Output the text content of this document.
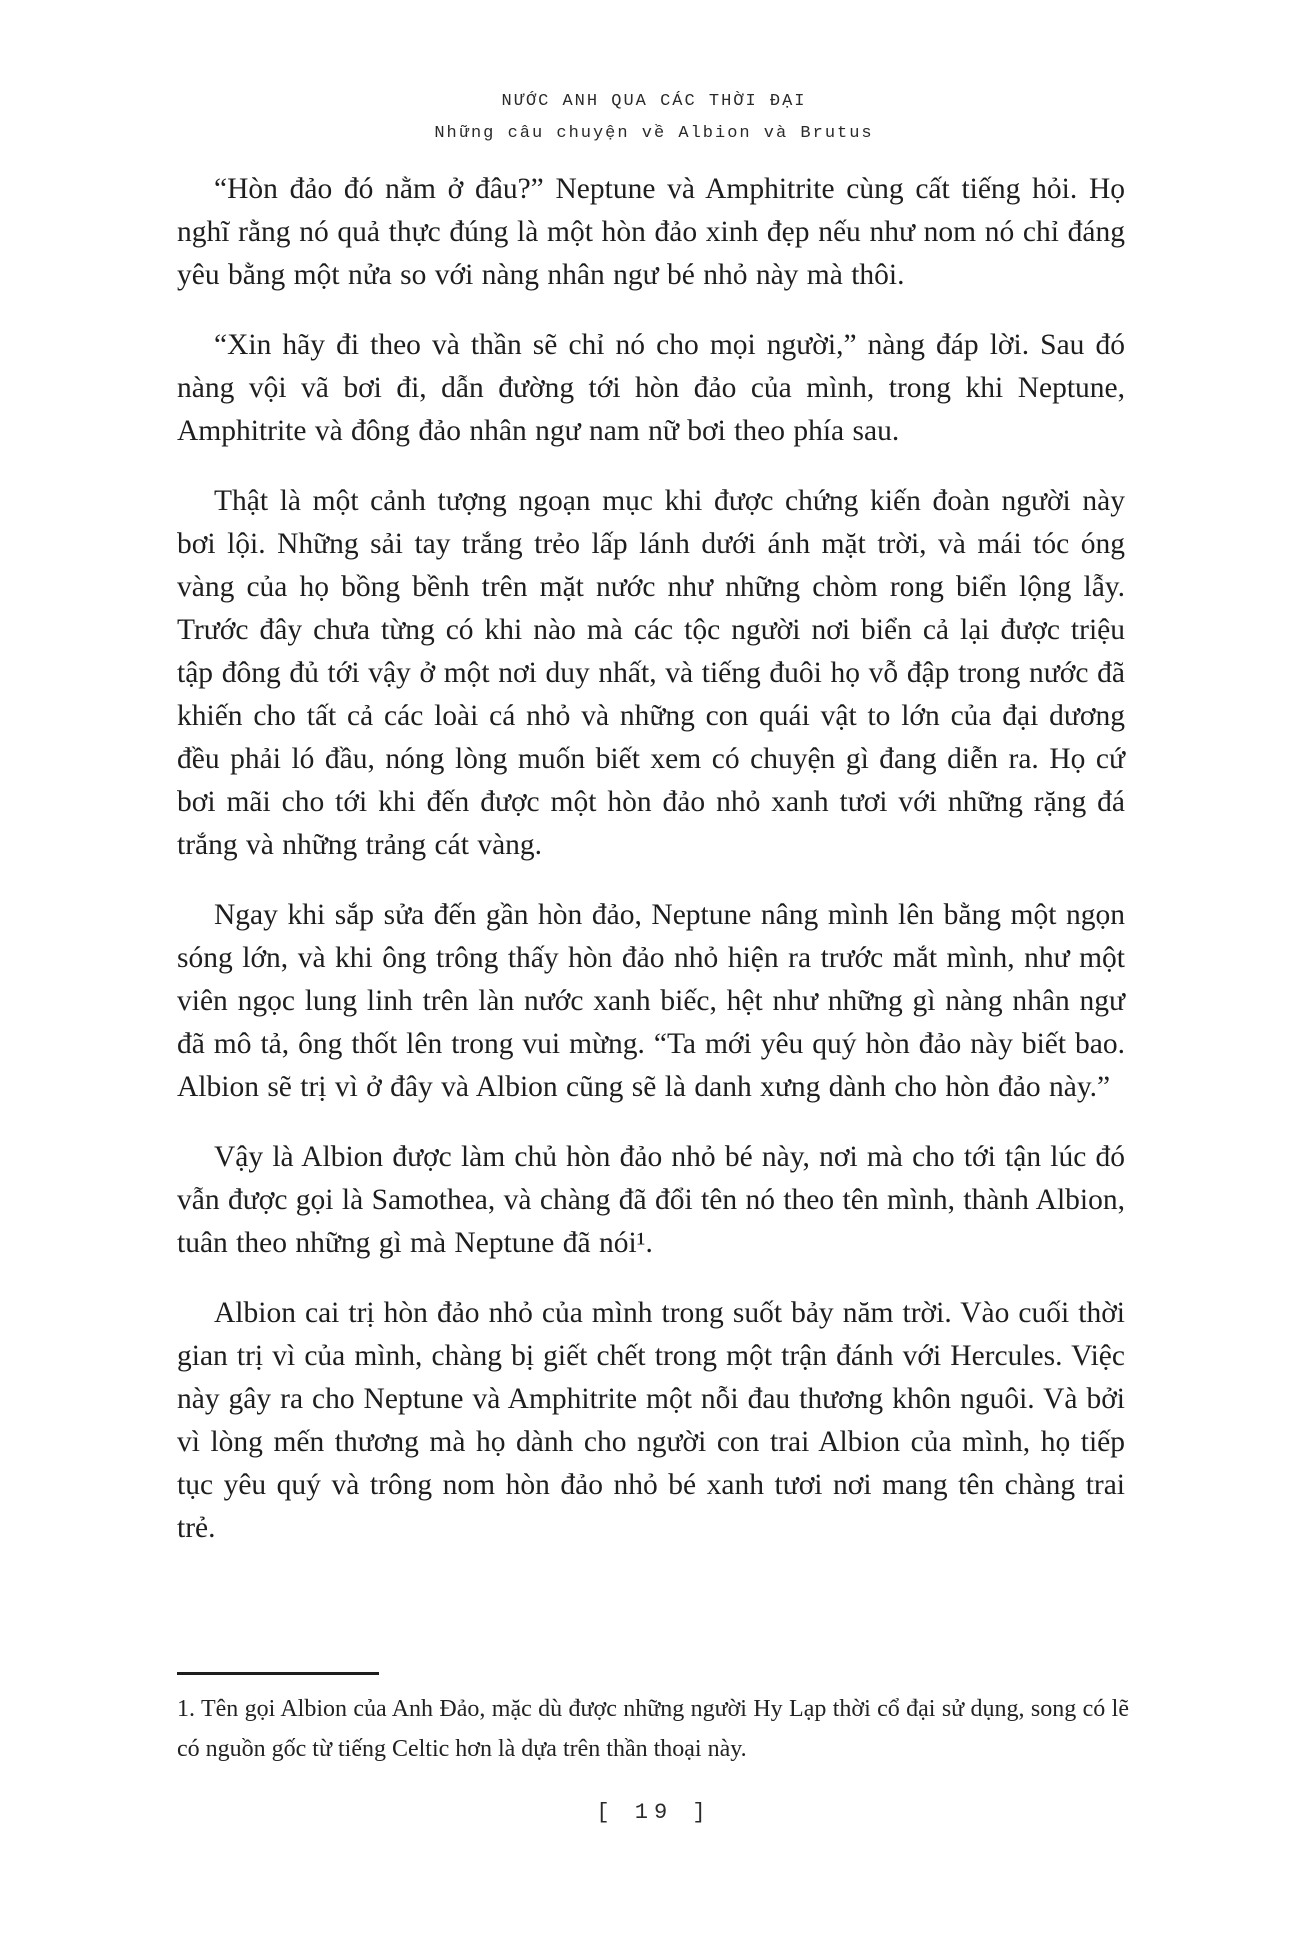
NƯỚC ANH QUA CÁC THỜI ĐẠI
Những câu chuyện về Albion và Brutus

“Hòn đảo đó nằm ở đâu?” Neptune và Amphitrite cùng cất tiếng hỏi. Họ nghĩ rằng nó quả thực đúng là một hòn đảo xinh đẹp nếu như nom nó chỉ đáng yêu bằng một nửa so với nàng nhân ngư bé nhỏ này mà thôi.

“Xin hãy đi theo và thần sẽ chỉ nó cho mọi người,” nàng đáp lời. Sau đó nàng vội vã bơi đi, dẫn đường tới hòn đảo của mình, trong khi Neptune, Amphitrite và đông đảo nhân ngư nam nữ bơi theo phía sau.

Thật là một cảnh tượng ngoạn mục khi được chứng kiến đoàn người này bơi lội. Những sải tay trắng trẻo lấp lánh dưới ánh mặt trời, và mái tóc óng vàng của họ bồng bềnh trên mặt nước như những chòm rong biển lộng lẫy. Trước đây chưa từng có khi nào mà các tộc người nơi biển cả lại được triệu tập đông đủ tới vậy ở một nơi duy nhất, và tiếng đuôi họ vỗ đập trong nước đã khiến cho tất cả các loài cá nhỏ và những con quái vật to lớn của đại dương đều phải ló đầu, nóng lòng muốn biết xem có chuyện gì đang diễn ra. Họ cứ bơi mãi cho tới khi đến được một hòn đảo nhỏ xanh tươi với những rặng đá trắng và những trảng cát vàng.

Ngay khi sắp sửa đến gần hòn đảo, Neptune nâng mình lên bằng một ngọn sóng lớn, và khi ông trông thấy hòn đảo nhỏ hiện ra trước mắt mình, như một viên ngọc lung linh trên làn nước xanh biếc, hệt như những gì nàng nhân ngư đã mô tả, ông thốt lên trong vui mừng. “Ta mới yêu quý hòn đảo này biết bao. Albion sẽ trị vì ở đây và Albion cũng sẽ là danh xưng dành cho hòn đảo này.”

Vậy là Albion được làm chủ hòn đảo nhỏ bé này, nơi mà cho tới tận lúc đó vẫn được gọi là Samothea, và chàng đã đổi tên nó theo tên mình, thành Albion, tuân theo những gì mà Neptune đã nói¹.

Albion cai trị hòn đảo nhỏ của mình trong suốt bảy năm trời. Vào cuối thời gian trị vì của mình, chàng bị giết chết trong một trận đánh với Hercules. Việc này gây ra cho Neptune và Amphitrite một nỗi đau thương khôn nguôi. Và bởi vì lòng mến thương mà họ dành cho người con trai Albion của mình, họ tiếp tục yêu quý và trông nom hòn đảo nhỏ bé xanh tươi nơi mang tên chàng trai trẻ.

1. Tên gọi Albion của Anh Đảo, mặc dù được những người Hy Lạp thời cổ đại sử dụng, song có lẽ có nguồn gốc từ tiếng Celtic hơn là dựa trên thần thoại này.
[ 19 ]
